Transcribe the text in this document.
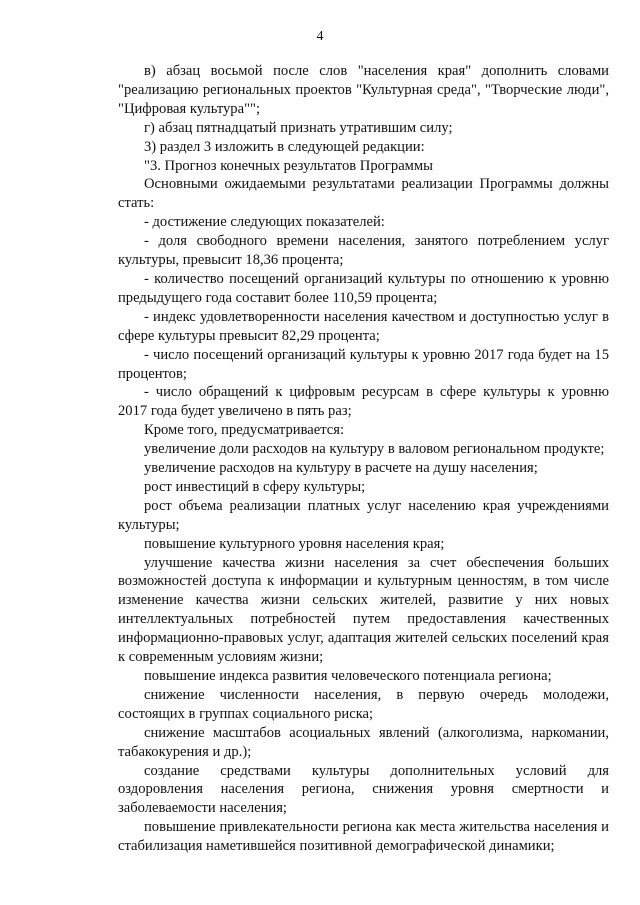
4

в) абзац восьмой после слов "населения края" дополнить словами "реализацию региональных проектов "Культурная среда", "Творческие люди", "Цифровая культура"";

г) абзац пятнадцатый признать утратившим силу;

3) раздел 3 изложить в следующей редакции:

"3. Прогноз конечных результатов Программы

Основными ожидаемыми результатами реализации Программы должны стать:

- достижение следующих показателей:

- доля свободного времени населения, занятого потреблением услуг культуры, превысит 18,36 процента;

- количество посещений организаций культуры по отношению к уровню предыдущего года составит более 110,59 процента;

- индекс удовлетворенности населения качеством и доступностью услуг в сфере культуры превысит 82,29 процента;

- число посещений организаций культуры к уровню 2017 года будет на 15 процентов;

- число обращений к цифровым ресурсам в сфере культуры к уровню 2017 года будет увеличено в пять раз;

Кроме того, предусматривается:

увеличение доли расходов на культуру в валовом региональном продукте;

увеличение расходов на культуру в расчете на душу населения;

рост инвестиций в сферу культуры;

рост объема реализации платных услуг населению края учреждениями культуры;

повышение культурного уровня населения края;

улучшение качества жизни населения за счет обеспечения больших возможностей доступа к информации и культурным ценностям, в том числе изменение качества жизни сельских жителей, развитие у них новых интеллектуальных потребностей путем предоставления качественных информационно-правовых услуг, адаптация жителей сельских поселений края к современным условиям жизни;

повышение индекса развития человеческого потенциала региона;

снижение численности населения, в первую очередь молодежи, состоящих в группах социального риска;

снижение масштабов асоциальных явлений (алкоголизма, наркомании, табакокурения и др.);

создание средствами культуры дополнительных условий для оздоровления населения региона, снижения уровня смертности и заболеваемости населения;

повышение привлекательности региона как места жительства населения и стабилизация наметившейся позитивной демографической динамики;
